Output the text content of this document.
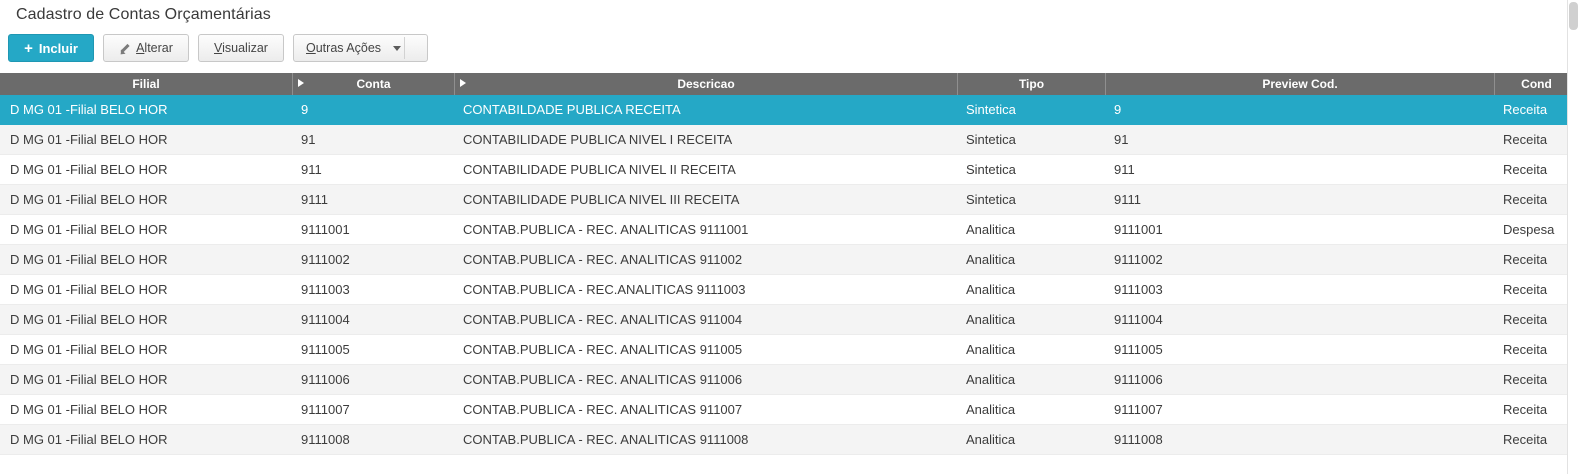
Cadastro de Contas Orçamentárias
+ Incluir	Alterar	Visualizar	Outras Ações
Filial	Conta	Descricao	Tipo	Preview Cod.	Cond
D MG 01 -Filial BELO HOR	9	CONTABILDADE PUBLICA RECEITA	Sintetica	9	Receita
D MG 01 -Filial BELO HOR	91	CONTABILIDADE PUBLICA NIVEL I RECEITA	Sintetica	91	Receita
D MG 01 -Filial BELO HOR	911	CONTABILIDADE PUBLICA NIVEL II RECEITA	Sintetica	911	Receita
D MG 01 -Filial BELO HOR	9111	CONTABILIDADE PUBLICA NIVEL III RECEITA	Sintetica	9111	Receita
D MG 01 -Filial BELO HOR	9111001	CONTAB.PUBLICA - REC. ANALITICAS 9111001	Analitica	9111001	Despesa
D MG 01 -Filial BELO HOR	9111002	CONTAB.PUBLICA - REC. ANALITICAS 911002	Analitica	9111002	Receita
D MG 01 -Filial BELO HOR	9111003	CONTAB.PUBLICA - REC.ANALITICAS 9111003	Analitica	9111003	Receita
D MG 01 -Filial BELO HOR	9111004	CONTAB.PUBLICA - REC. ANALITICAS 911004	Analitica	9111004	Receita
D MG 01 -Filial BELO HOR	9111005	CONTAB.PUBLICA - REC. ANALITICAS 911005	Analitica	9111005	Receita
D MG 01 -Filial BELO HOR	9111006	CONTAB.PUBLICA - REC. ANALITICAS 911006	Analitica	9111006	Receita
D MG 01 -Filial BELO HOR	9111007	CONTAB.PUBLICA - REC. ANALITICAS 911007	Analitica	9111007	Receita
D MG 01 -Filial BELO HOR	9111008	CONTAB.PUBLICA - REC. ANALITICAS 9111008	Analitica	9111008	Receita
